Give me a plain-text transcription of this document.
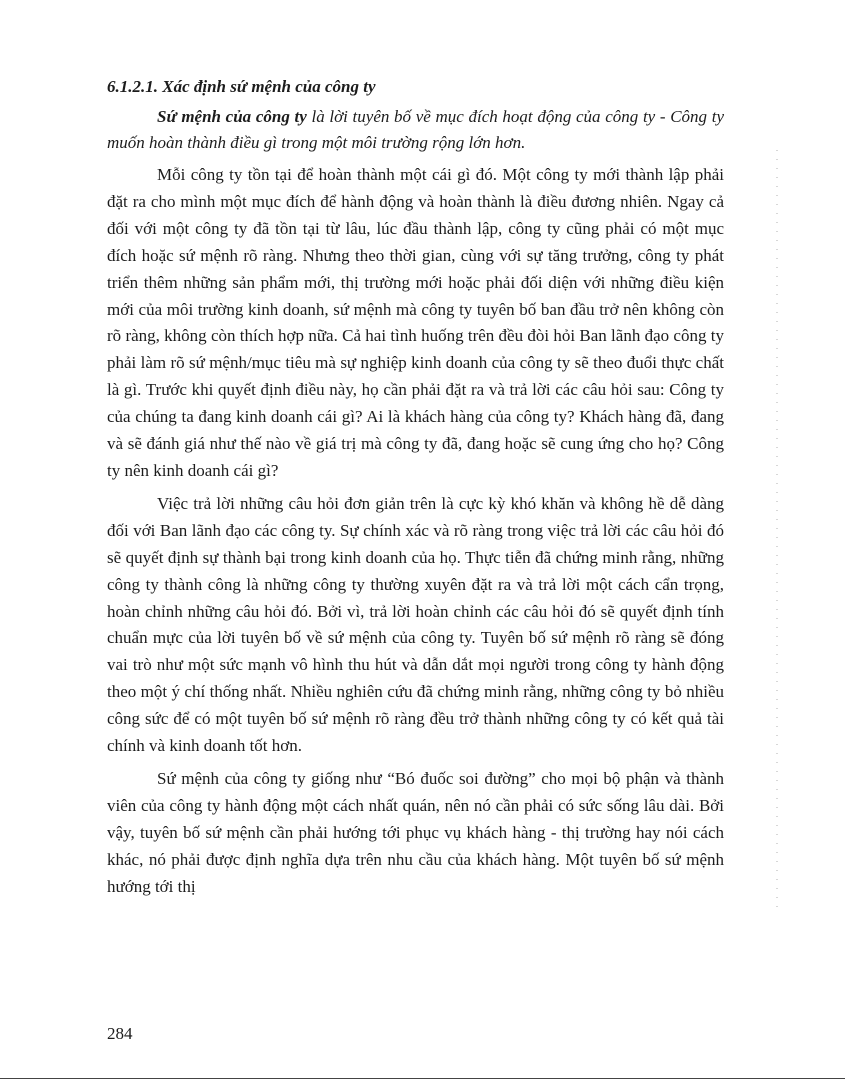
6.1.2.1. Xác định sứ mệnh của công ty

Sứ mệnh của công ty là lời tuyên bố về mục đích hoạt động của công ty - Công ty muốn hoàn thành điều gì trong một môi trường rộng lớn hơn.

Mỗi công ty tồn tại để hoàn thành một cái gì đó. Một công ty mới thành lập phải đặt ra cho mình một mục đích để hành động và hoàn thành là điều đương nhiên. Ngay cả đối với một công ty đã tồn tại từ lâu, lúc đầu thành lập, công ty cũng phải có một mục đích hoặc sứ mệnh rõ ràng. Nhưng theo thời gian, cùng với sự tăng trưởng, công ty phát triển thêm những sản phẩm mới, thị trường mới hoặc phải đối diện với những điều kiện mới của môi trường kinh doanh, sứ mệnh mà công ty tuyên bố ban đầu trở nên không còn rõ ràng, không còn thích hợp nữa. Cả hai tình huống trên đều đòi hỏi Ban lãnh đạo công ty phải làm rõ sứ mệnh/mục tiêu mà sự nghiệp kinh doanh của công ty sẽ theo đuổi thực chất là gì. Trước khi quyết định điều này, họ cần phải đặt ra và trả lời các câu hỏi sau: Công ty của chúng ta đang kinh doanh cái gì? Ai là khách hàng của công ty? Khách hàng đã, đang và sẽ đánh giá như thế nào về giá trị mà công ty đã, đang hoặc sẽ cung ứng cho họ? Công ty nên kinh doanh cái gì?

Việc trả lời những câu hỏi đơn giản trên là cực kỳ khó khăn và không hề dễ dàng đối với Ban lãnh đạo các công ty. Sự chính xác và rõ ràng trong việc trả lời các câu hỏi đó sẽ quyết định sự thành bại trong kinh doanh của họ. Thực tiễn đã chứng minh rằng, những công ty thành công là những công ty thường xuyên đặt ra và trả lời một cách cẩn trọng, hoàn chỉnh những câu hỏi đó. Bởi vì, trả lời hoàn chỉnh các câu hỏi đó sẽ quyết định tính chuẩn mực của lời tuyên bố về sứ mệnh của công ty. Tuyên bố sứ mệnh rõ ràng sẽ đóng vai trò như một sức mạnh vô hình thu hút và dẫn dắt mọi người trong công ty hành động theo một ý chí thống nhất. Nhiều nghiên cứu đã chứng minh rằng, những công ty bỏ nhiều công sức để có một tuyên bố sứ mệnh rõ ràng đều trở thành những công ty có kết quả tài chính và kinh doanh tốt hơn.

Sứ mệnh của công ty giống như “Bó đuốc soi đường” cho mọi bộ phận và thành viên của công ty hành động một cách nhất quán, nên nó cần phải có sức sống lâu dài. Bởi vậy, tuyên bố sứ mệnh cần phải hướng tới phục vụ khách hàng - thị trường hay nói cách khác, nó phải được định nghĩa dựa trên nhu cầu của khách hàng. Một tuyên bố sứ mệnh hướng tới thị

284
